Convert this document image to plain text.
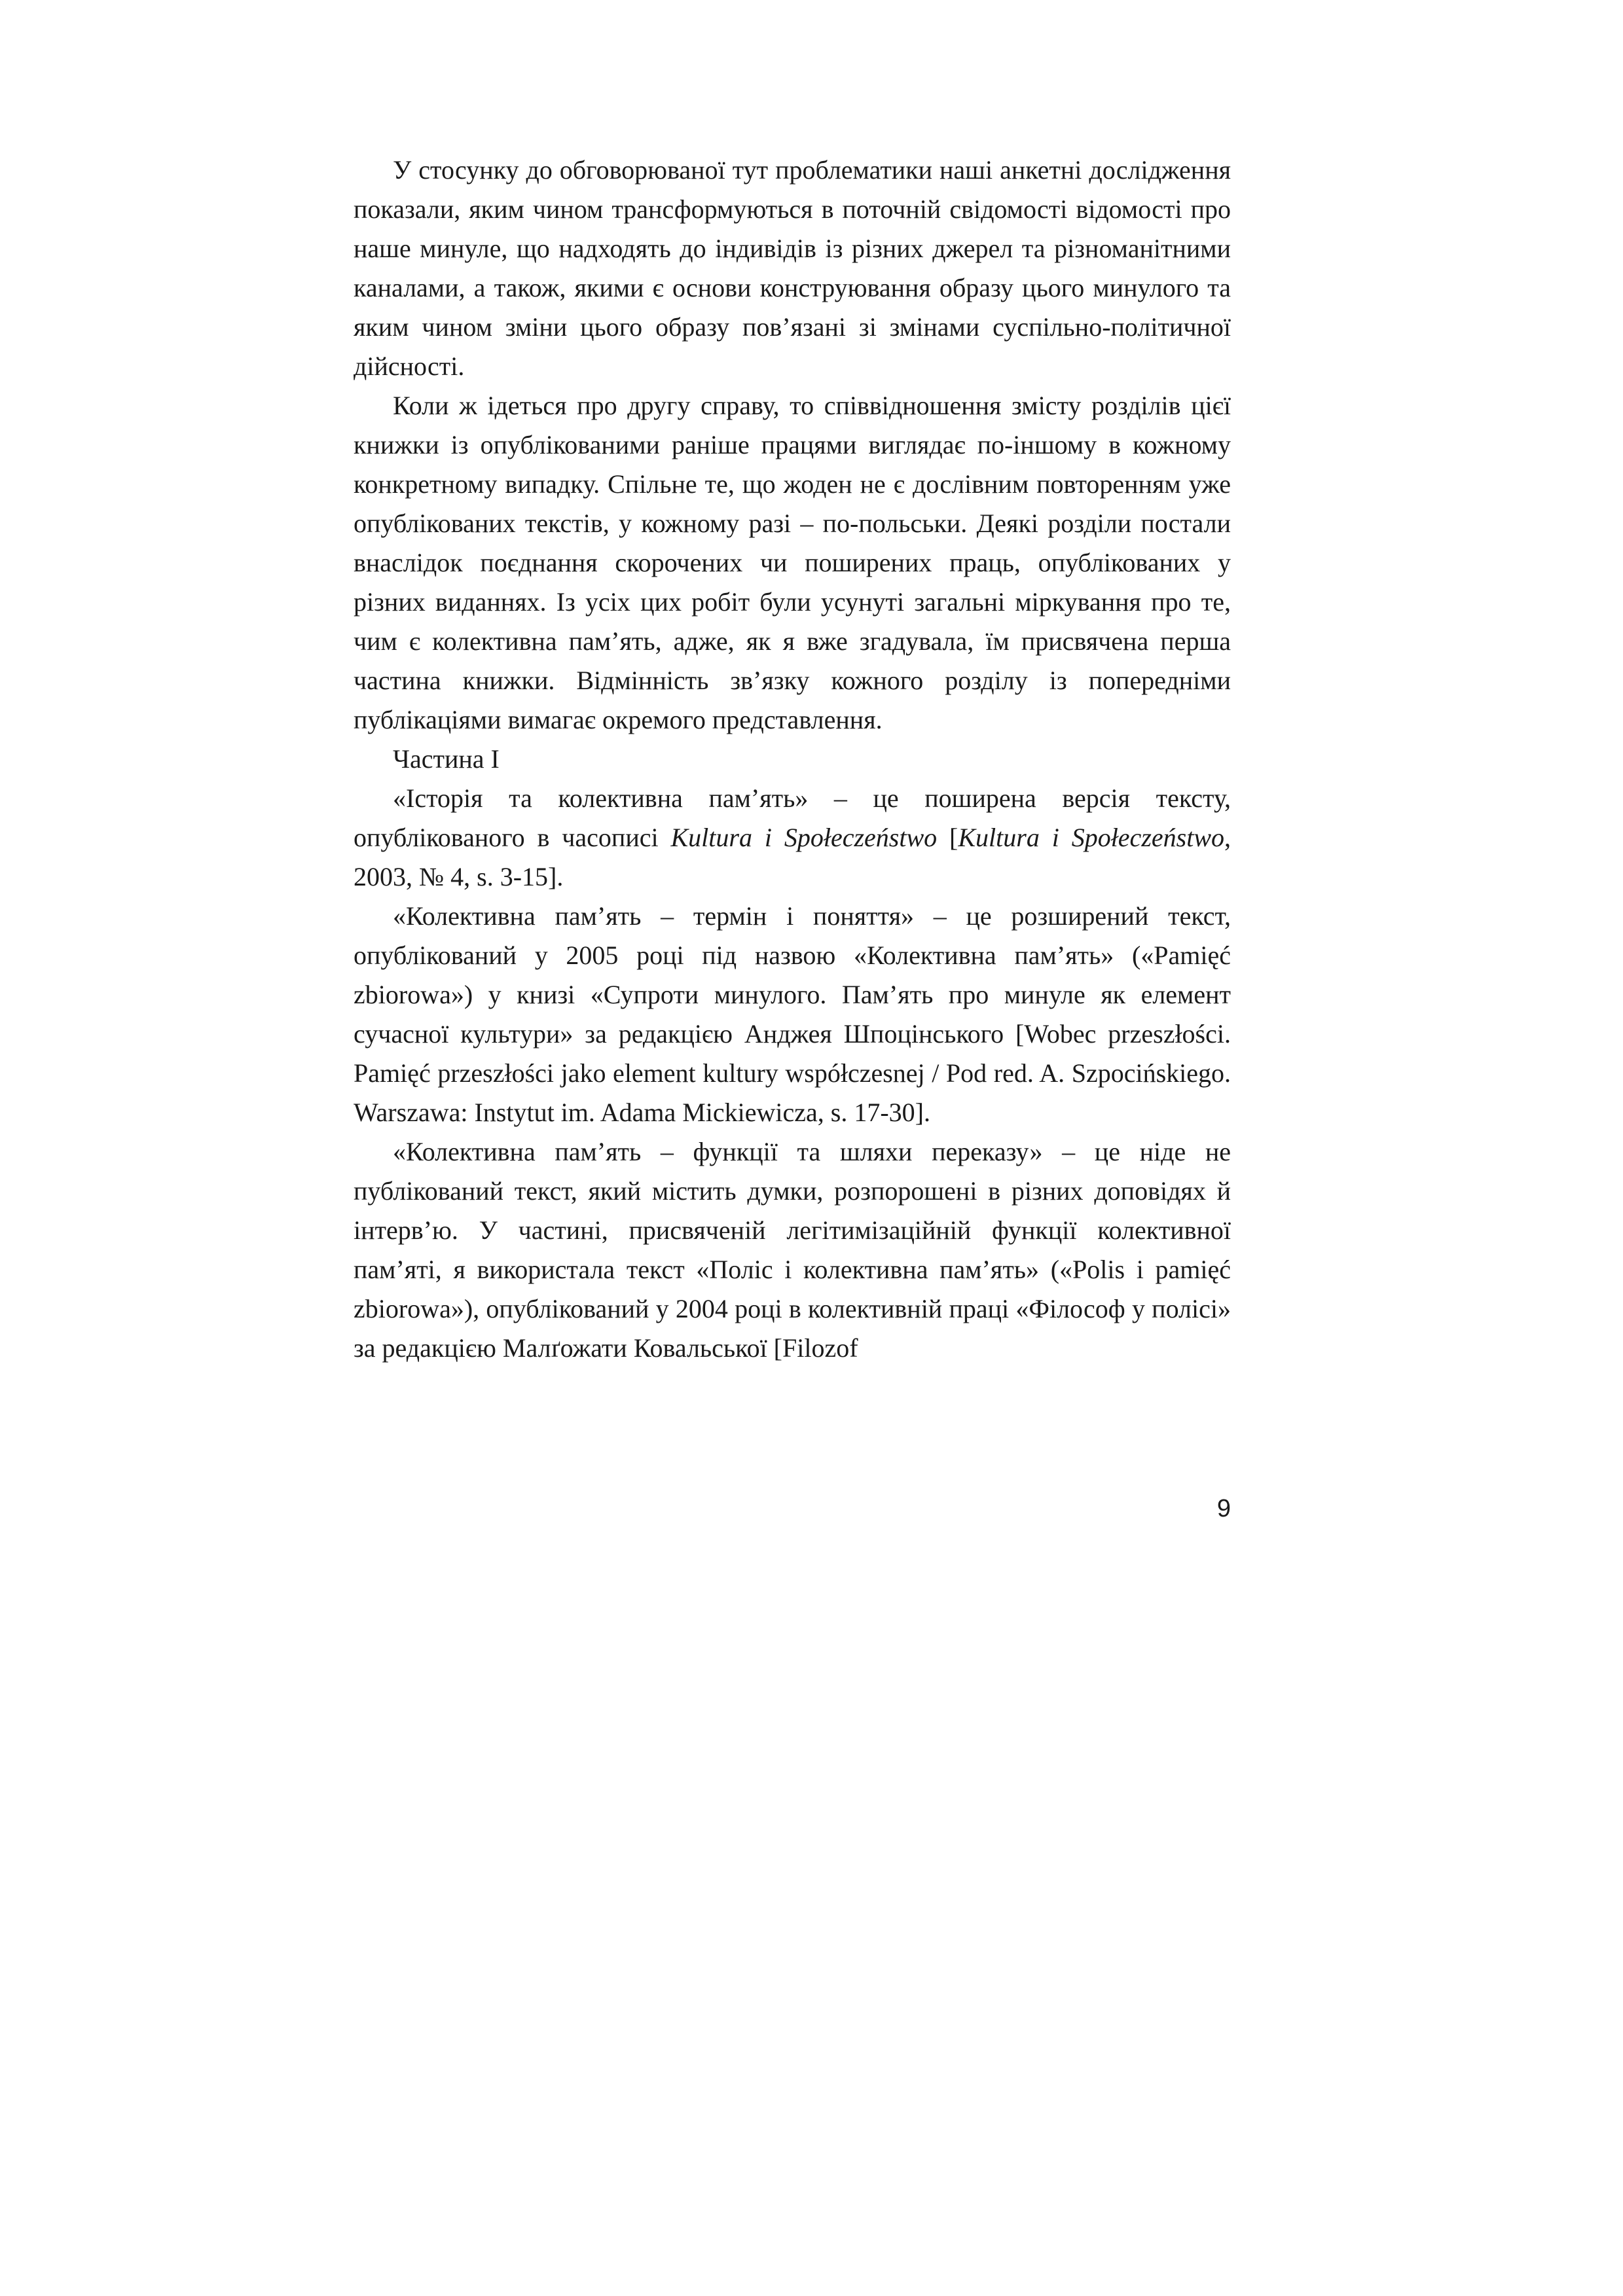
У стосунку до обговорюваної тут проблематики наші анкетні дослідження показали, яким чином трансформуються в поточній свідомості відомості про наше минуле, що надходять до індивідів із різних джерел та різноманітними каналами, а також, якими є основи конструювання образу цього минулого та яким чином зміни цього образу пов’язані зі змінами суспільно-політичної дійсності.

Коли ж ідеться про другу справу, то співвідношення змісту розділів цієї книжки із опублікованими раніше працями виглядає по-іншому в кожному конкретному випадку. Спільне те, що жоден не є дослівним повторенням уже опублікованих текстів, у кожному разі – по-польськи. Деякі розділи постали внаслідок поєднання скорочених чи поширених праць, опублікованих у різних виданнях. Із усіх цих робіт були усунуті загальні міркування про те, чим є колективна пам’ять, адже, як я вже згадувала, їм присвячена перша частина книжки. Відмінність зв’язку кожного розділу із попередніми публікаціями вимагає окремого представлення.

Частина I

«Історія та колективна пам’ять» – це поширена версія тексту, опублікованого в часописі Kultura i Społeczeństwo [Kultura i Społeczeństwo, 2003, № 4, s. 3-15].

«Колективна пам’ять – термін і поняття» – це розширений текст, опублікований у 2005 році під назвою «Колективна пам’ять» («Pamięć zbiorowa») у книзі «Супроти минулого. Пам’ять про минуле як елемент сучасної культури» за редакцією Анджея Шпоцінського [Wobec przeszłości. Pamięć przeszłości jako element kultury współczesnej / Pod red. A. Szpocińskiego. Warszawa: Instytut im. Adama Mickiewicza, s. 17-30].

«Колективна пам’ять – функції та шляхи переказу» – це ніде не публікований текст, який містить думки, розпорошені в різних доповідях й інтерв’ю. У частині, присвяченій легітимізаційній функції колективної пам’яті, я використала текст «Поліс і колективна пам’ять» («Polis i pamięć zbiorowa»), опублікований у 2004 році в колективній праці «Філософ у полісі» за редакцією Малґожати Ковальської [Filozof

9
